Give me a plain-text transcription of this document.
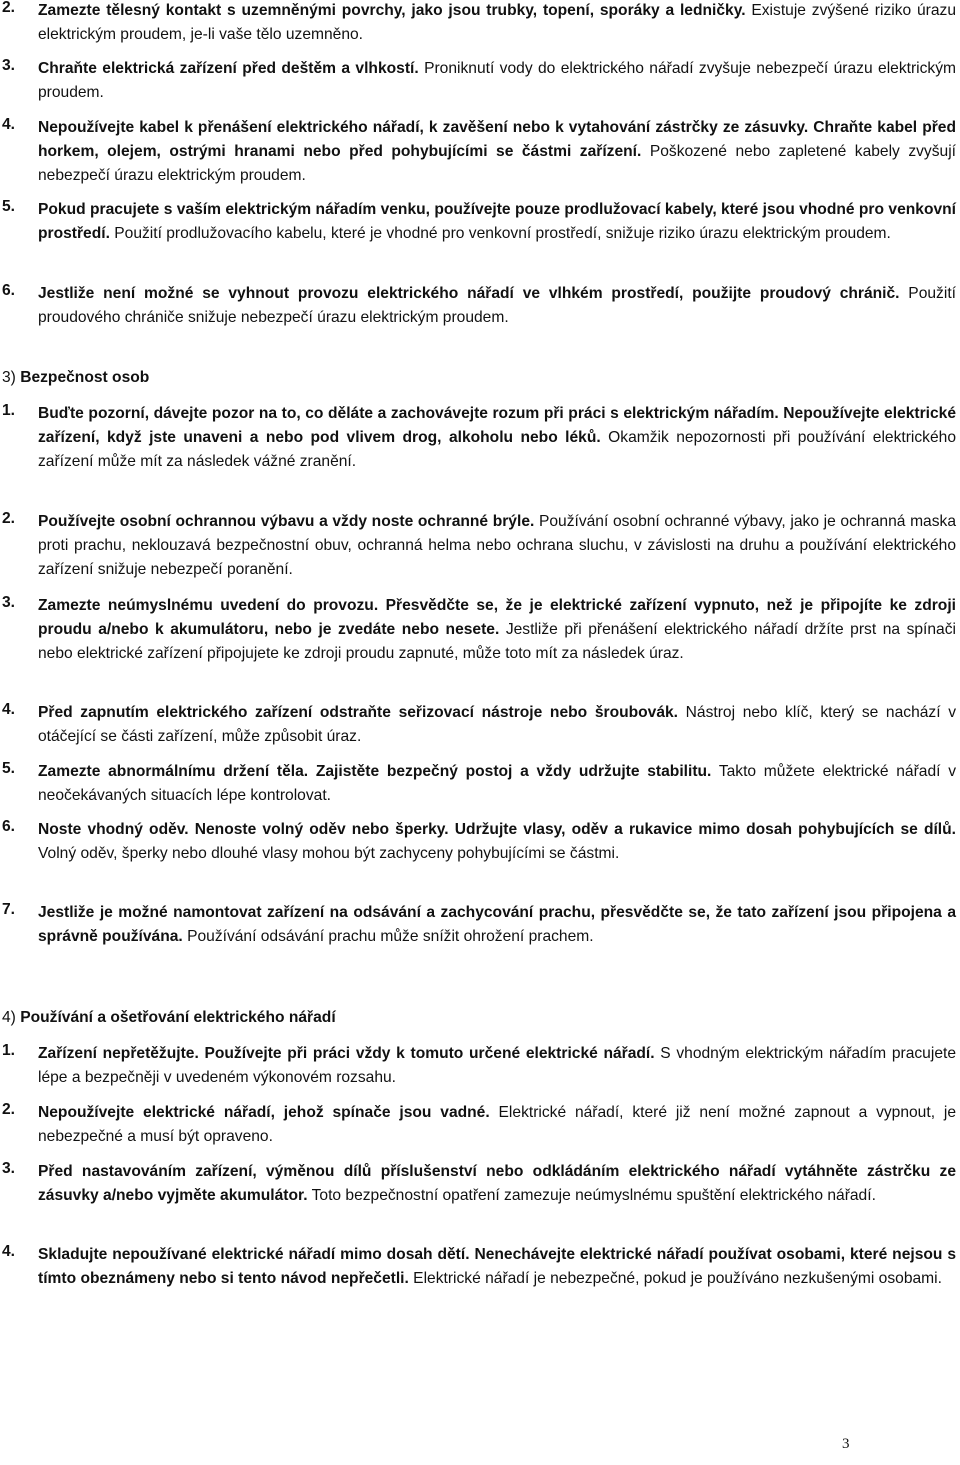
2.	Zamezte tělesný kontakt s uzemněnými povrchy, jako jsou trubky, topení, sporáky a ledničky. Existuje zvýšené riziko úrazu elektrickým proudem, je-li vaše tělo uzemněno.
3.	Chraňte elektrická zařízení před deštěm a vlhkostí. Proniknutí vody do elektrického nářadí zvyšuje nebezpečí úrazu elektrickým proudem.
4.	Nepoužívejte kabel k přenášení elektrického nářadí, k zavěšení nebo k vytahování zástrčky ze zásuvky. Chraňte kabel před horkem, olejem, ostrými hranami nebo před pohybujícími se částmi zařízení. Poškozené nebo zapletené kabely zvyšují nebezpečí úrazu elektrickým proudem.
5.	Pokud pracujete s vaším elektrickým nářadím venku, používejte pouze prodlužovací kabely, které jsou vhodné pro venkovní prostředí. Použití prodlužovacího kabelu, které je vhodné pro venkovní prostředí, snižuje riziko úrazu elektrickým proudem.
6.	Jestliže není možné se vyhnout provozu elektrického nářadí ve vlhkém prostředí, použijte proudový chránič. Použití proudového chrániče snižuje nebezpečí úrazu elektrickým proudem.
3) Bezpečnost osob
1.	Buďte pozorní, dávejte pozor na to, co děláte a zachovávejte rozum při práci s elektrickým nářadím. Nepoužívejte elektrické zařízení, když jste unaveni a nebo pod vlivem drog, alkoholu nebo léků. Okamžik nepozornosti při používání elektrického zařízení může mít za následek vážné zranění.
2.	Používejte osobní ochrannou výbavu a vždy noste ochranné brýle. Používání osobní ochranné výbavy, jako je ochranná maska proti prachu, neklouzavá bezpečnostní obuv, ochranná helma nebo ochrana sluchu, v závislosti na druhu a používání elektrického zařízení snižuje nebezpečí poranění.
3.	Zamezte neúmyslnému uvedení do provozu. Přesvědčte se, že je elektrické zařízení vypnuto, než je připojíte ke zdroji proudu a/nebo k akumulátoru, nebo je zvedáte nebo nesete. Jestliže při přenášení elektrického nářadí držíte prst na spínači nebo elektrické zařízení připojujete ke zdroji proudu zapnuté, může toto mít za následek úraz.
4.	Před zapnutím elektrického zařízení odstraňte seřizovací nástroje nebo šroubovák. Nástroj nebo klíč, který se nachází v otáčející se části zařízení, může způsobit úraz.
5.	Zamezte abnormálnímu držení těla. Zajistěte bezpečný postoj a vždy udržujte stabilitu. Takto můžete elektrické nářadí v neočekávaných situacích lépe kontrolovat.
6.	Noste vhodný oděv. Nenoste volný oděv nebo šperky. Udržujte vlasy, oděv a rukavice mimo dosah pohybujících se dílů. Volný oděv, šperky nebo dlouhé vlasy mohou být zachyceny pohybujícími se částmi.
7.	Jestliže je možné namontovat zařízení na odsávání a zachycování prachu, přesvědčte se, že tato zařízení jsou připojena a správně používána. Používání odsávání prachu může snížit ohrožení prachem.
4) Používání a ošetřování elektrického nářadí
1.	Zařízení nepřetěžujte. Používejte při práci vždy k tomuto určené elektrické nářadí. S vhodným elektrickým nářadím pracujete lépe a bezpečněji v uvedeném výkonovém rozsahu.
2.	Nepoužívejte elektrické nářadí, jehož spínače jsou vadné. Elektrické nářadí, které již není možné zapnout a vypnout, je nebezpečné a musí být opraveno.
3.	Před nastavováním zařízení, výměnou dílů příslušenství nebo odkládáním elektrického nářadí vytáhněte zástrčku ze zásuvky a/nebo vyjměte akumulátor. Toto bezpečnostní opatření zamezuje neúmyslnému spuštění elektrického nářadí.
4.	Skladujte nepoužívané elektrické nářadí mimo dosah dětí. Nenechávejte elektrické nářadí používat osobami, které nejsou s tímto obeznámeny nebo si tento návod nepřečetli. Elektrické nářadí je nebezpečné, pokud je používáno nezkušenými osobami.
3
